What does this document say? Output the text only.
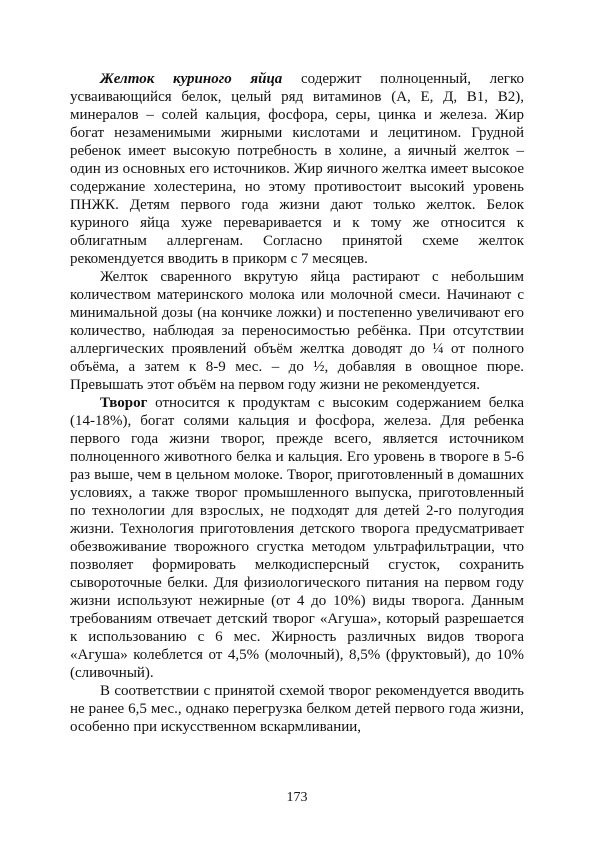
Желток куриного яйца содержит полноценный, легко усваивающийся белок, целый ряд витаминов (А, Е, Д, В1, В2), минералов – солей кальция, фосфора, серы, цинка и железа. Жир богат незаменимыми жирными кислотами и лецитином. Грудной ребенок имеет высокую потребность в холине, а яичный желток – один из основных его источников. Жир яичного желтка имеет высокое содержание холестерина, но этому противостоит высокий уровень ПНЖК. Детям первого года жизни дают только желток. Белок куриного яйца хуже переваривается и к тому же относится к облигатным аллергенам. Согласно принятой схеме желток рекомендуется вводить в прикорм с 7 месяцев.

Желток сваренного вкрутую яйца растирают с небольшим количеством материнского молока или молочной смеси. Начинают с минимальной дозы (на кончике ложки) и постепенно увеличивают его количество, наблюдая за переносимостью ребёнка. При отсутствии аллергических проявлений объём желтка доводят до ¼ от полного объёма, а затем к 8-9 мес. – до ½, добавляя в овощное пюре. Превышать этот объём на первом году жизни не рекомендуется.

Творог относится к продуктам с высоким содержанием белка (14-18%), богат солями кальция и фосфора, железа. Для ребенка первого года жизни творог, прежде всего, является источником полноценного животного белка и кальция. Его уровень в твороге в 5-6 раз выше, чем в цельном молоке. Творог, приготовленный в домашних условиях, а также творог промышленного выпуска, приготовленный по технологии для взрослых, не подходят для детей 2-го полугодия жизни. Технология приготовления детского творога предусматривает обезвоживание творожного сгустка методом ультрафильтрации, что позволяет формировать мелкодисперсный сгусток, сохранить сывороточные белки. Для физиологического питания на первом году жизни используют нежирные (от 4 до 10%) виды творога. Данным требованиям отвечает детский творог «Агуша», который разрешается к использованию с 6 мес. Жирность различных видов творога «Агуша» колеблется от 4,5% (молочный), 8,5% (фруктовый), до 10%(сливочный).

В соответствии с принятой схемой творог рекомендуется вводить не ранее 6,5 мес., однако перегрузка белком детей первого года жизни, особенно при искусственном вскармливании,

173
